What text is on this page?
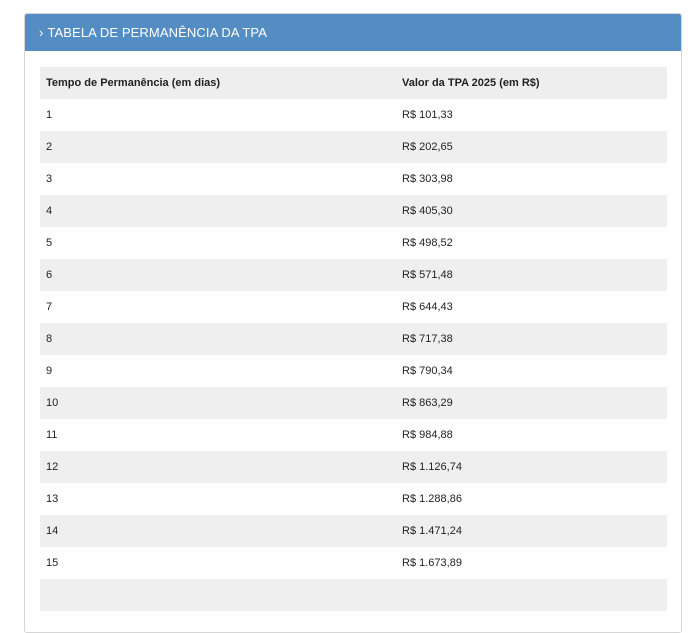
› TABELA DE PERMANÊNCIA DA TPA
Tempo de Permanência (em dias)	Valor da TPA 2025 (em R$)
1	R$ 101,33
2	R$ 202,65
3	R$ 303,98
4	R$ 405,30
5	R$ 498,52
6	R$ 571,48
7	R$ 644,43
8	R$ 717,38
9	R$ 790,34
10	R$ 863,29
11	R$ 984,88
12	R$ 1.126,74
13	R$ 1.288,86
14	R$ 1.471,24
15	R$ 1.673,89
